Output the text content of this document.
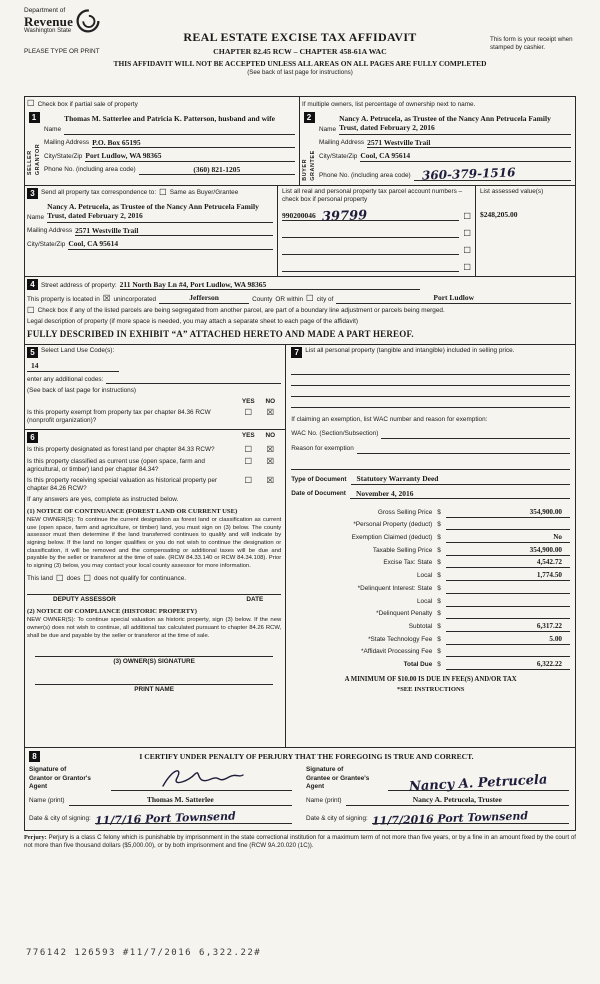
Department of
Revenue
Washington State	REAL ESTATE EXCISE TAX AFFIDAVIT
CHAPTER 82.45 RCW – CHAPTER 458-61A WAC
THIS AFFIDAVIT WILL NOT BE ACCEPTED UNLESS ALL AREAS ON ALL PAGES ARE FULLY COMPLETED
(See back of last page for instructions)
PLEASE TYPE OR PRINT
This form is your receipt when stamped by cashier.
☐ Check box if partial sale of property
1
SELLER GRANTOR
Name
Thomas M. Satterlee and Patricia K. Patterson, husband and wife
Mailing Address P.O. Box 65195
City/State/Zip Port Ludlow, WA 98365
Phone No. (including area code)	(360) 821-1205
If multiple owners, list percentage of ownership next to name.
2
BUYER GRANTEE
Name
Nancy A. Petrucela, as Trustee of the Nancy Ann Petrucela Family Trust, dated February 2, 2016
Mailing Address 2571 Westville Trail
City/State/Zip Cool, CA 95614
Phone No. (including area code) 360-379-1516
3 Send all property tax correspondence to: ☐ Same as Buyer/Grantee
Name
Nancy A. Petrucela, as Trustee of the Nancy Ann Petrucela Family Trust, dated February 2, 2016
Mailing Address 2571 Westville Trail
City/State/Zip Cool, CA 95614
List all real and personal property tax parcel account numbers – check box if personal property
990200046 39799	☐
☐
☐
☐
List assessed value(s)
$248,205.00
4 Street address of property: 211 North Bay Ln #4, Port Ludlow, WA 98365
This property is located in ☒ unincorporated	Jefferson	County OR within ☐ city of	Port Ludlow
☐ Check box if any of the listed parcels are being segregated from another parcel, are part of a boundary line adjustment or parcels being merged.
Legal description of property (if more space is needed, you may attach a separate sheet to each page of the affidavit)
FULLY DESCRIBED IN EXHIBIT “A” ATTACHED HERETO AND MADE A PART HEREOF.
5 Select Land Use Code(s):
14
enter any additional codes:
(See back of last page for instructions)
YES	NO
Is this property exempt from property tax per chapter 84.36 RCW (nonprofit organization)?
☐	☒
6	YES	NO
Is this property designated as forest land per chapter 84.33 RCW?	☐	☒
Is this property classified as current use (open space, farm and agricultural, or timber) land per chapter 84.34?
☐	☒
Is this property receiving special valuation as historical property per chapter 84.26 RCW?
☐	☒
If any answers are yes, complete as instructed below.
(1) NOTICE OF CONTINUANCE (FOREST LAND OR CURRENT USE)
NEW OWNER(S): To continue the current designation as forest land or classification as current use (open space, farm and agriculture, or timber) land, you must sign on (3) below. The county assessor must then determine if the land transferred continues to qualify and will indicate by signing below. If the land no longer qualifies or you do not wish to continue the designation or classification, it will be removed and the compensating or additional taxes will be due and payable by the seller or transferor at the time of sale. (RCW 84.33.140 or RCW 84.34.108). Prior to signing (3) below, you may contact your local county assessor for more information.
This land ☐ does ☐ does not qualify for continuance.
DEPUTY ASSESSOR	DATE
(2) NOTICE OF COMPLIANCE (HISTORIC PROPERTY)
NEW OWNER(S): To continue special valuation as historic property, sign (3) below. If the new owner(s) does not wish to continue, all additional tax calculated pursuant to chapter 84.26 RCW, shall be due and payable by the seller or transferor at the time of sale.
(3) OWNER(S) SIGNATURE
PRINT NAME
7 List all personal property (tangible and intangible) included in selling price.
If claiming an exemption, list WAC number and reason for exemption:
WAC No. (Section/Subsection)
Reason for exemption
Type of Document	Statutory Warranty Deed
Date of Document	November 4, 2016
Gross Selling Price $	354,900.00
*Personal Property (deduct) $
Exemption Claimed (deduct) $	No
Taxable Selling Price $	354,900.00
Excise Tax: State $	4,542.72
Local $	1,774.50
*Delinquent Interest: State $
Local $
*Delinquent Penalty $
Subtotal $	6,317.22
*State Technology Fee $	5.00
*Affidavit Processing Fee $
Total Due $	6,322.22
A MINIMUM OF $10.00 IS DUE IN FEE(S) AND/OR TAX
*SEE INSTRUCTIONS
8	I CERTIFY UNDER PENALTY OF PERJURY THAT THE FOREGOING IS TRUE AND CORRECT.
Signature of
Grantor or Grantor's Agent
Name (print)	Thomas M. Satterlee
Date & city of signing: 11/7/16 Port Townsend
Signature of
Grantee or Grantee's Agent	Nancy A. Petrucela
Name (print)	Nancy A. Petrucela, Trustee
Date & city of signing: 11/7/2016 Port Townsend
Perjury: Perjury is a class C felony which is punishable by imprisonment in the state correctional institution for a maximum term of not more than five years, or by a fine in an amount fixed by the court of not more than five thousand dollars ($5,000.00), or by both imprisonment and fine (RCW 9A.20.020 (1C)).
776142 126593 #11/7/2016 6,322.22#
